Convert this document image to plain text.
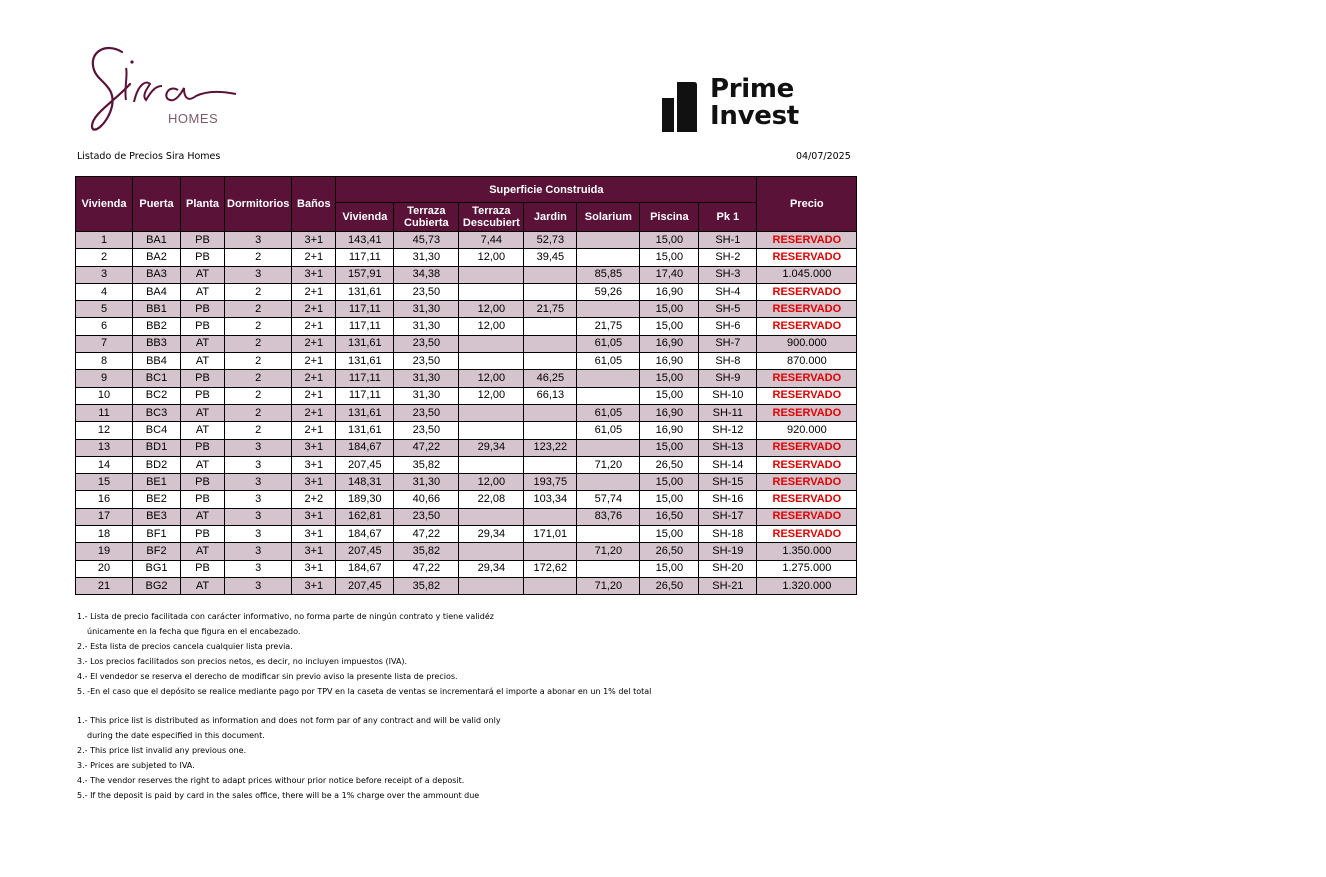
HOMES
Prime
Invest
Listado de Precios Sira Homes	04/07/2025
Vivienda	Puerta	Planta	Dormitorios	Baños	Superficie Construida							Precio
					Vivienda	Terraza Cubierta	Terraza Descubiert	Jardin	Solarium	Piscina	Pk 1	
1	BA1	PB	3	3+1	143,41	45,73	7,44	52,73		15,00	SH-1	RESERVADO
2	BA2	PB	2	2+1	117,11	31,30	12,00	39,45		15,00	SH-2	RESERVADO
3	BA3	AT	3	3+1	157,91	34,38			85,85	17,40	SH-3	1.045.000
4	BA4	AT	2	2+1	131,61	23,50			59,26	16,90	SH-4	RESERVADO
5	BB1	PB	2	2+1	117,11	31,30	12,00	21,75		15,00	SH-5	RESERVADO
6	BB2	PB	2	2+1	117,11	31,30	12,00		21,75	15,00	SH-6	RESERVADO
7	BB3	AT	2	2+1	131,61	23,50			61,05	16,90	SH-7	900.000
8	BB4	AT	2	2+1	131,61	23,50			61,05	16,90	SH-8	870.000
9	BC1	PB	2	2+1	117,11	31,30	12,00	46,25		15,00	SH-9	RESERVADO
10	BC2	PB	2	2+1	117,11	31,30	12,00	66,13		15,00	SH-10	RESERVADO
11	BC3	AT	2	2+1	131,61	23,50			61,05	16,90	SH-11	RESERVADO
12	BC4	AT	2	2+1	131,61	23,50			61,05	16,90	SH-12	920.000
13	BD1	PB	3	3+1	184,67	47,22	29,34	123,22		15,00	SH-13	RESERVADO
14	BD2	AT	3	3+1	207,45	35,82			71,20	26,50	SH-14	RESERVADO
15	BE1	PB	3	3+1	148,31	31,30	12,00	193,75		15,00	SH-15	RESERVADO
16	BE2	PB	3	2+2	189,30	40,66	22,08	103,34	57,74	15,00	SH-16	RESERVADO
17	BE3	AT	3	3+1	162,81	23,50			83,76	16,50	SH-17	RESERVADO
18	BF1	PB	3	3+1	184,67	47,22	29,34	171,01		15,00	SH-18	RESERVADO
19	BF2	AT	3	3+1	207,45	35,82			71,20	26,50	SH-19	1.350.000
20	BG1	PB	3	3+1	184,67	47,22	29,34	172,62		15,00	SH-20	1.275.000
21	BG2	AT	3	3+1	207,45	35,82			71,20	26,50	SH-21	1.320.000
1.- Lista de precio facilitada con carácter informativo, no forma parte de ningún contrato y tiene validéz
únicamente en la fecha que figura en el encabezado.
2.- Esta lista de precios cancela cualquier lista previa.
3.- Los precios facilitados son precios netos, es decir, no incluyen impuestos (IVA).
4.- El vendedor se reserva el derecho de modificar sin previo aviso la presente lista de precios.
5. -En el caso que el depósito se realice mediante pago por TPV en la caseta de ventas se incrementará el importe a abonar en un 1% del total
1.- This price list is distributed as information and does not form par of any contract and will be valid only
during the date especified in this document.
2.- This price list invalid any previous one.
3.- Prices are subjeted to IVA.
4.- The vendor reserves the right to adapt prices withour prior notice before receipt of a deposit.
5.- If the deposit is paid by card in the sales office, there will be a 1% charge over the ammount due
